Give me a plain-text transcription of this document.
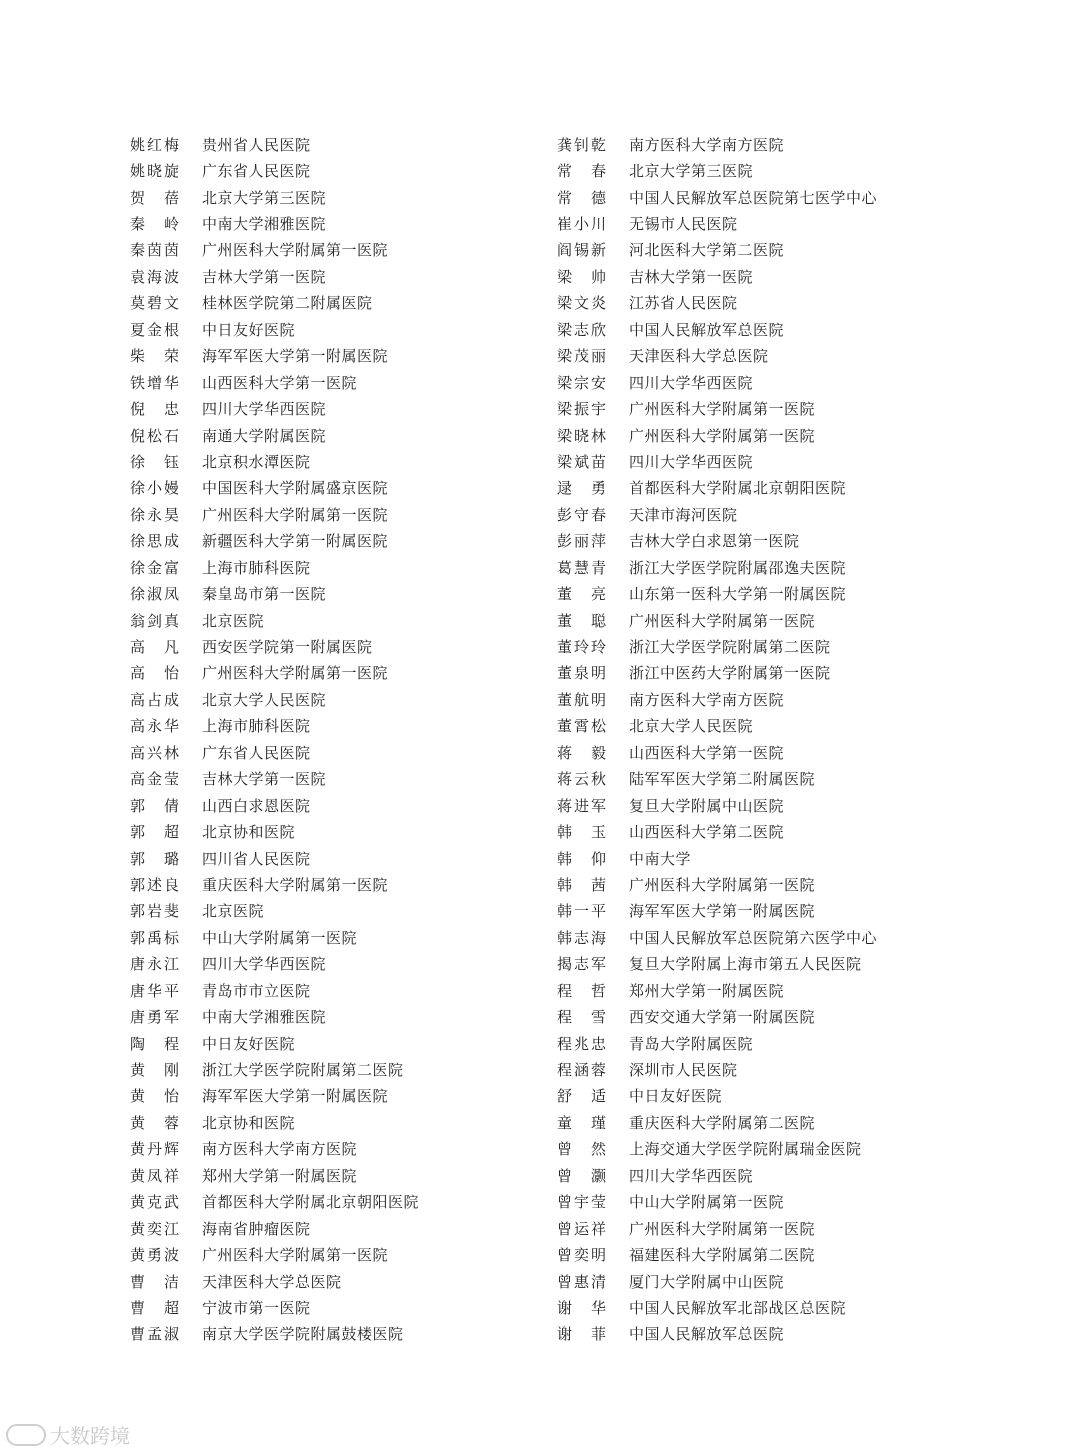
姚红梅	贵州省人民医院
姚晓旋	广东省人民医院
贺　蓓	北京大学第三医院
秦　岭	中南大学湘雅医院
秦茵茵	广州医科大学附属第一医院
袁海波	吉林大学第一医院
莫碧文	桂林医学院第二附属医院
夏金根	中日友好医院
柴　荣	海军军医大学第一附属医院
铁增华	山西医科大学第一医院
倪　忠	四川大学华西医院
倪松石	南通大学附属医院
徐　钰	北京积水潭医院
徐小嫚	中国医科大学附属盛京医院
徐永昊	广州医科大学附属第一医院
徐思成	新疆医科大学第一附属医院
徐金富	上海市肺科医院
徐淑凤	秦皇岛市第一医院
翁剑真	北京医院
高　凡	西安医学院第一附属医院
高　怡	广州医科大学附属第一医院
高占成	北京大学人民医院
高永华	上海市肺科医院
高兴林	广东省人民医院
高金莹	吉林大学第一医院
郭　倩	山西白求恩医院
郭　超	北京协和医院
郭　璐	四川省人民医院
郭述良	重庆医科大学附属第一医院
郭岩斐	北京医院
郭禹标	中山大学附属第一医院
唐永江	四川大学华西医院
唐华平	青岛市市立医院
唐勇军	中南大学湘雅医院
陶　程	中日友好医院
黄　刚	浙江大学医学院附属第二医院
黄　怡	海军军医大学第一附属医院
黄　蓉	北京协和医院
黄丹辉	南方医科大学南方医院
黄凤祥	郑州大学第一附属医院
黄克武	首都医科大学附属北京朝阳医院
黄奕江	海南省肿瘤医院
黄勇波	广州医科大学附属第一医院
曹　洁	天津医科大学总医院
曹　超	宁波市第一医院
曹孟淑	南京大学医学院附属鼓楼医院
龚钊乾	南方医科大学南方医院
常　春	北京大学第三医院
常　德	中国人民解放军总医院第七医学中心
崔小川	无锡市人民医院
阎锡新	河北医科大学第二医院
梁　帅	吉林大学第一医院
梁文炎	江苏省人民医院
梁志欣	中国人民解放军总医院
梁茂丽	天津医科大学总医院
梁宗安	四川大学华西医院
梁振宇	广州医科大学附属第一医院
梁晓林	广州医科大学附属第一医院
梁斌苗	四川大学华西医院
逯　勇	首都医科大学附属北京朝阳医院
彭守春	天津市海河医院
彭丽萍	吉林大学白求恩第一医院
葛慧青	浙江大学医学院附属邵逸夫医院
董　亮	山东第一医科大学第一附属医院
董　聪	广州医科大学附属第一医院
董玲玲	浙江大学医学院附属第二医院
董泉明	浙江中医药大学附属第一医院
董航明	南方医科大学南方医院
董霄松	北京大学人民医院
蒋　毅	山西医科大学第一医院
蒋云秋	陆军军医大学第二附属医院
蒋进军	复旦大学附属中山医院
韩　玉	山西医科大学第二医院
韩　仰	中南大学
韩　茜	广州医科大学附属第一医院
韩一平	海军军医大学第一附属医院
韩志海	中国人民解放军总医院第六医学中心
揭志军	复旦大学附属上海市第五人民医院
程　哲	郑州大学第一附属医院
程　雪	西安交通大学第一附属医院
程兆忠	青岛大学附属医院
程涵蓉	深圳市人民医院
舒　适	中日友好医院
童　瑾	重庆医科大学附属第二医院
曾　然	上海交通大学医学院附属瑞金医院
曾　灏	四川大学华西医院
曾宇莹	中山大学附属第一医院
曾运祥	广州医科大学附属第一医院
曾奕明	福建医科大学附属第二医院
曾惠清	厦门大学附属中山医院
谢　华	中国人民解放军北部战区总医院
谢　菲	中国人民解放军总医院
大数跨境
